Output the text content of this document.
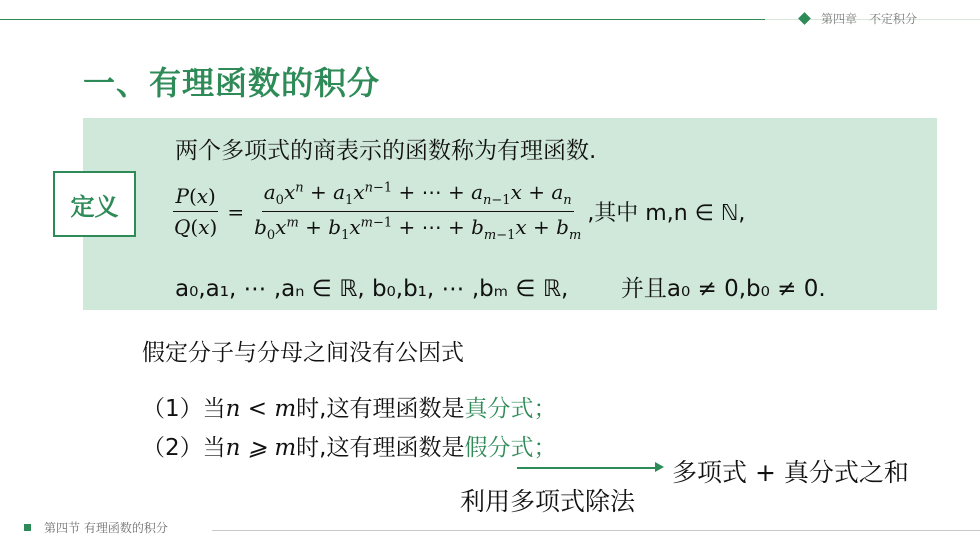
第四章　不定积分
一、有理函数的积分
定义
两个多项式的商表示的函数称为有理函数.
$\frac{P(x)}{Q(x)} = \frac{a_0x^n + a_1x^{n-1} + \cdots + a_{n-1}x + a_n}{b_0x^m + b_1x^{m-1} + \cdots + b_{m-1}x + b_m}$ ,其中 m,n ∈ ℕ,
a₀,a₁, ⋯ ,aₙ ∈ ℝ, b₀,b₁, ⋯ ,bₘ ∈ ℝ, 并且a₀ ≠ 0,b₀ ≠ 0.
假定分子与分母之间没有公因式
（1）当n < m时,这有理函数是真分式；
（2）当n ⩾ m时,这有理函数是假分式；
多项式 + 真分式之和
利用多项式除法
第四节 有理函数的积分
